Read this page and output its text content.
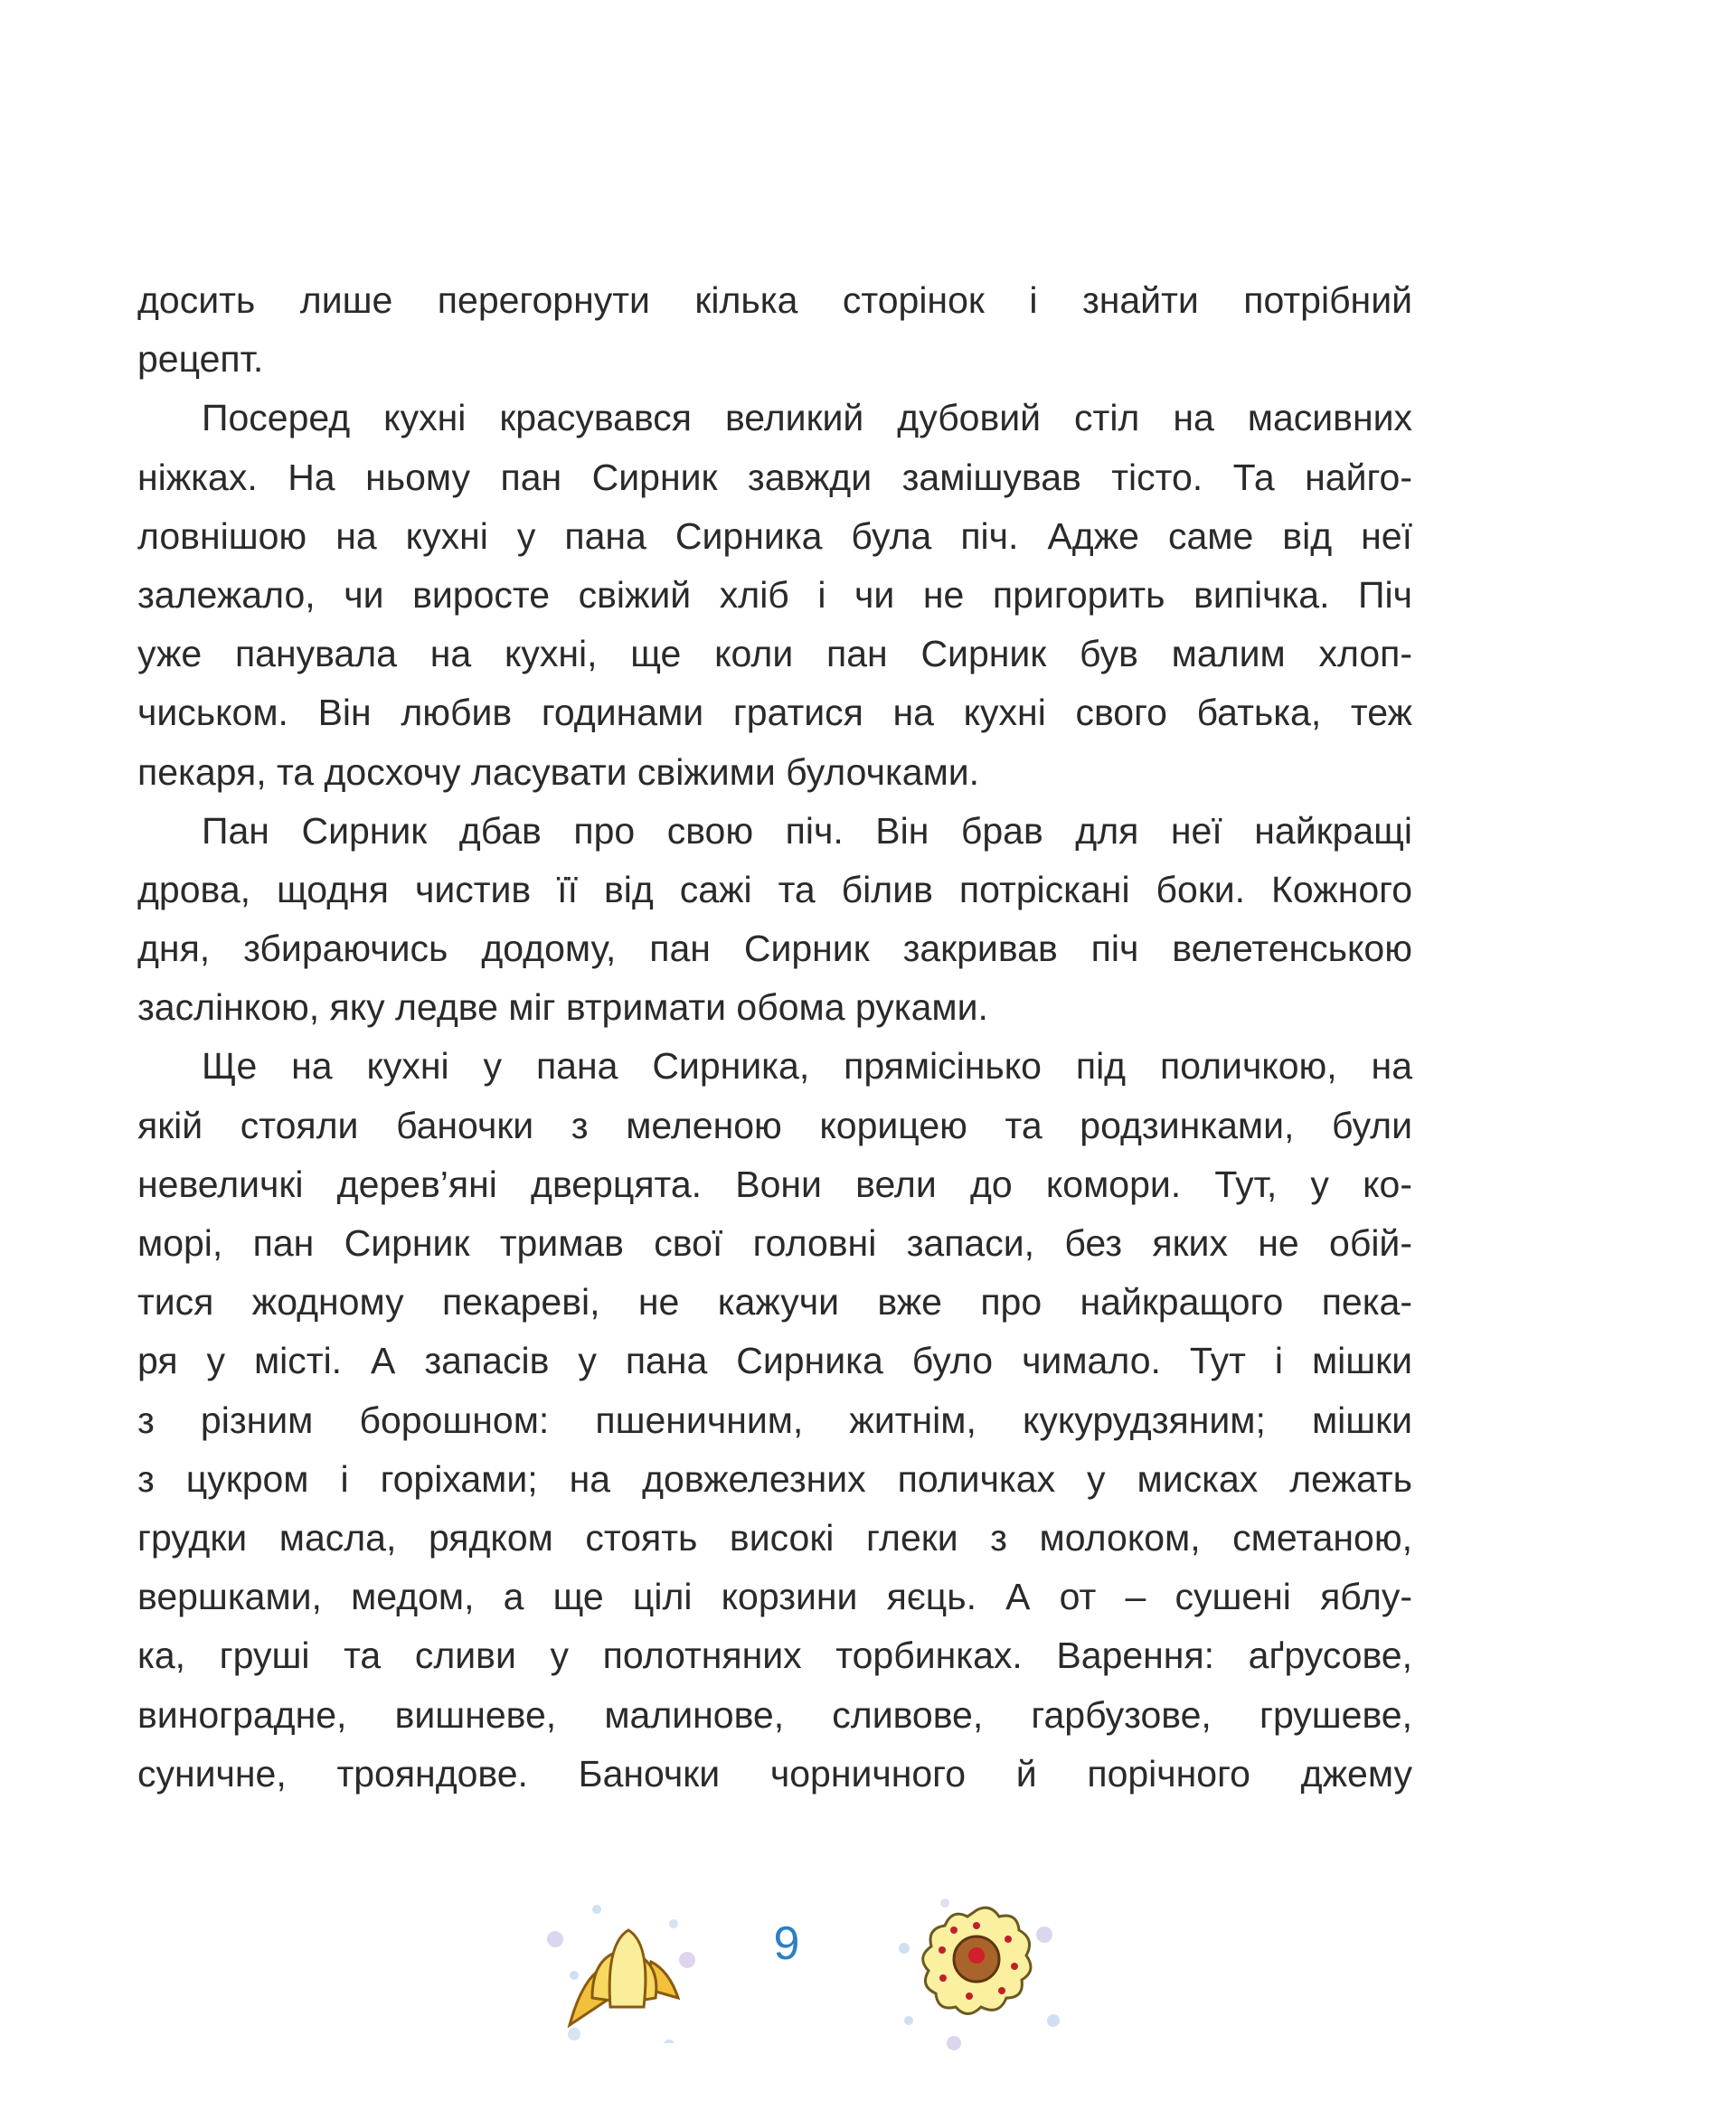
досить лише перегорнути кілька сторінок і знайти потрібний
рецепт.
Посеред кухні красувався великий дубовий стіл на масивних
ніжках. На ньому пан Сирник завжди замішував тісто. Та найго-
ловнішою на кухні у пана Сирника була піч. Адже саме від неї
залежало, чи виросте свіжий хліб і чи не пригорить випічка. Піч
уже панувала на кухні, ще коли пан Сирник був малим хлоп-
чиськом. Він любив годинами гратися на кухні свого батька, теж
пекаря, та досхочу ласувати свіжими булочками.
Пан Сирник дбав про свою піч. Він брав для неї найкращі
дрова, щодня чистив її від сажі та білив потріскані боки. Кожного
дня, збираючись додому, пан Сирник закривав піч велетенською
заслінкою, яку ледве міг втримати обома руками.
Ще на кухні у пана Сирника, прямісінько під поличкою, на
якій стояли баночки з меленою корицею та родзинками, були
невеличкі дерев’яні дверцята. Вони вели до комори. Тут, у ко-
морі, пан Сирник тримав свої головні запаси, без яких не обій-
тися жодному пекареві, не кажучи вже про найкращого пека-
ря у місті. А запасів у пана Сирника було чимало. Тут і мішки
з різним борошном: пшеничним, житнім, кукурудзяним; мішки
з цукром і горіхами; на довжелезних поличках у мисках лежать
грудки масла, рядком стоять високі глеки з молоком, сметаною,
вершками, медом, а ще цілі корзини яєць. А от – сушені яблу-
ка, груші та сливи у полотняних торбинках. Варення: аґрусове,
виноградне, вишневе, малинове, сливове, гарбузове, грушеве,
суничне, трояндове. Баночки чорничного й порічного джему
9
